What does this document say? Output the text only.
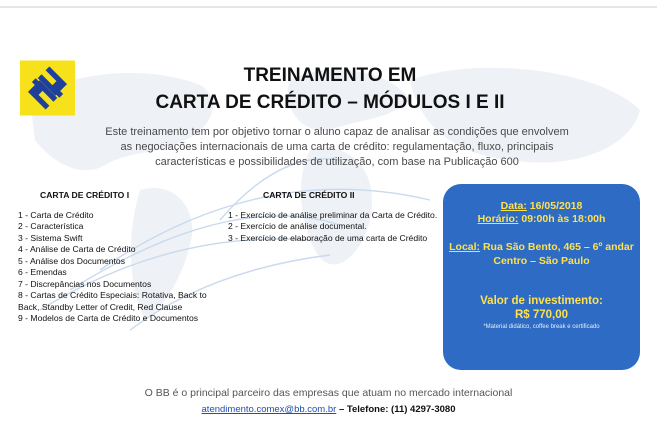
TREINAMENTO EM
CARTA DE CRÉDITO – MÓDULOS I E II
Este treinamento tem por objetivo tornar o aluno capaz de analisar as condições que envolvem
as negociações internacionais de uma carta de crédito: regulamentação, fluxo, principais
características e possibilidades de utilização, com base na Publicação 600
CARTA DE CRÉDITO I
1 - Carta de Crédito
2 - Característica
3 - Sistema Swift
4 - Análise de Carta de Crédito
5 - Análise dos Documentos
6 - Emendas
7 - Discrepâncias nos Documentos
8 - Cartas de Crédito Especiais: Rotativa, Back to Back, Standby Letter of Credit, Red Clause
9 - Modelos de Carta de Crédito e Documentos
CARTA DE CRÉDITO II
1 - Exercício de análise preliminar da Carta de Crédito.
2 - Exercício de análise documental.
3 - Exercício de elaboração de uma carta de Crédito
Data: 16/05/2018
Horário: 09:00h às 18:00h
Local: Rua São Bento, 465 – 6º andar
Centro – São Paulo
Valor de investimento:
R$ 770,00
*Material didático, coffee break e certificado
O BB é o principal parceiro das empresas que atuam no mercado internacional
atendimento.comex@bb.com.br – Telefone: (11) 4297-3080
